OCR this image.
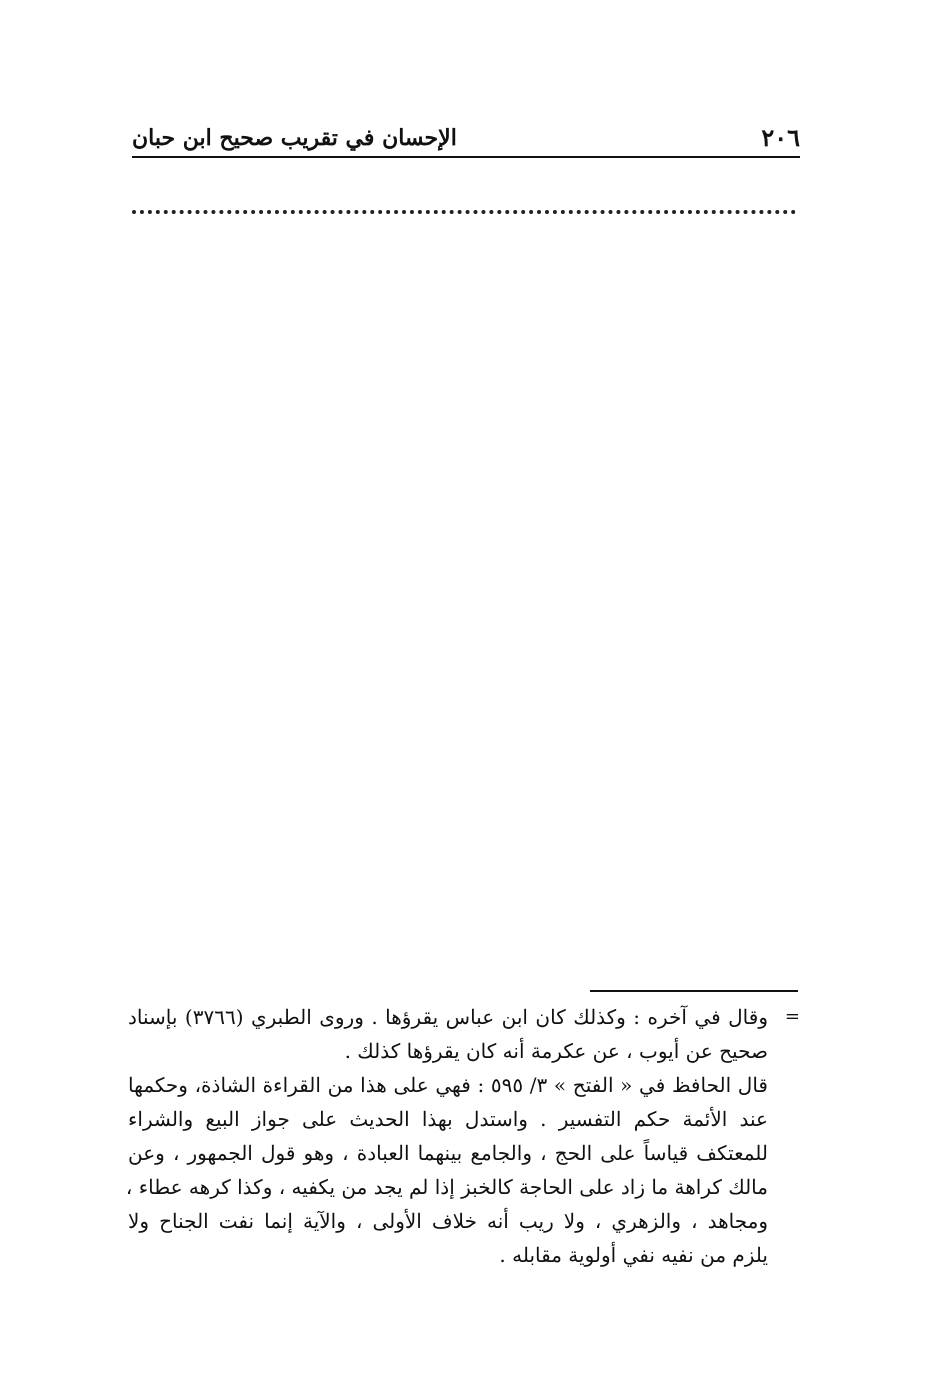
٢٠٦
الإحسان في تقريب صحيح ابن حبان
=
وقال في آخره : وكذلك كان ابن عباس يقرؤها . وروى الطبري (٣٧٦٦) بإسناد
صحيح عن أيوب ، عن عكرمة أنه كان يقرؤها كذلك .
قال الحافظ في « الفتح » ٣/ ٥٩٥ : فهي على هذا من القراءة الشاذة، وحكمها
عند الأئمة حكم التفسير . واستدل بهذا الحديث على جواز البيع والشراء
للمعتكف قياساً على الحج ، والجامع بينهما العبادة ، وهو قول الجمهور ، وعن
مالك كراهة ما زاد على الحاجة كالخبز إذا لم يجد من يكفيه ، وكذا كرهه عطاء ،
ومجاهد ، والزهري ، ولا ريب أنه خلاف الأولى ، والآية إنما نفت الجناح ولا
يلزم من نفيه نفي أولوية مقابله .
